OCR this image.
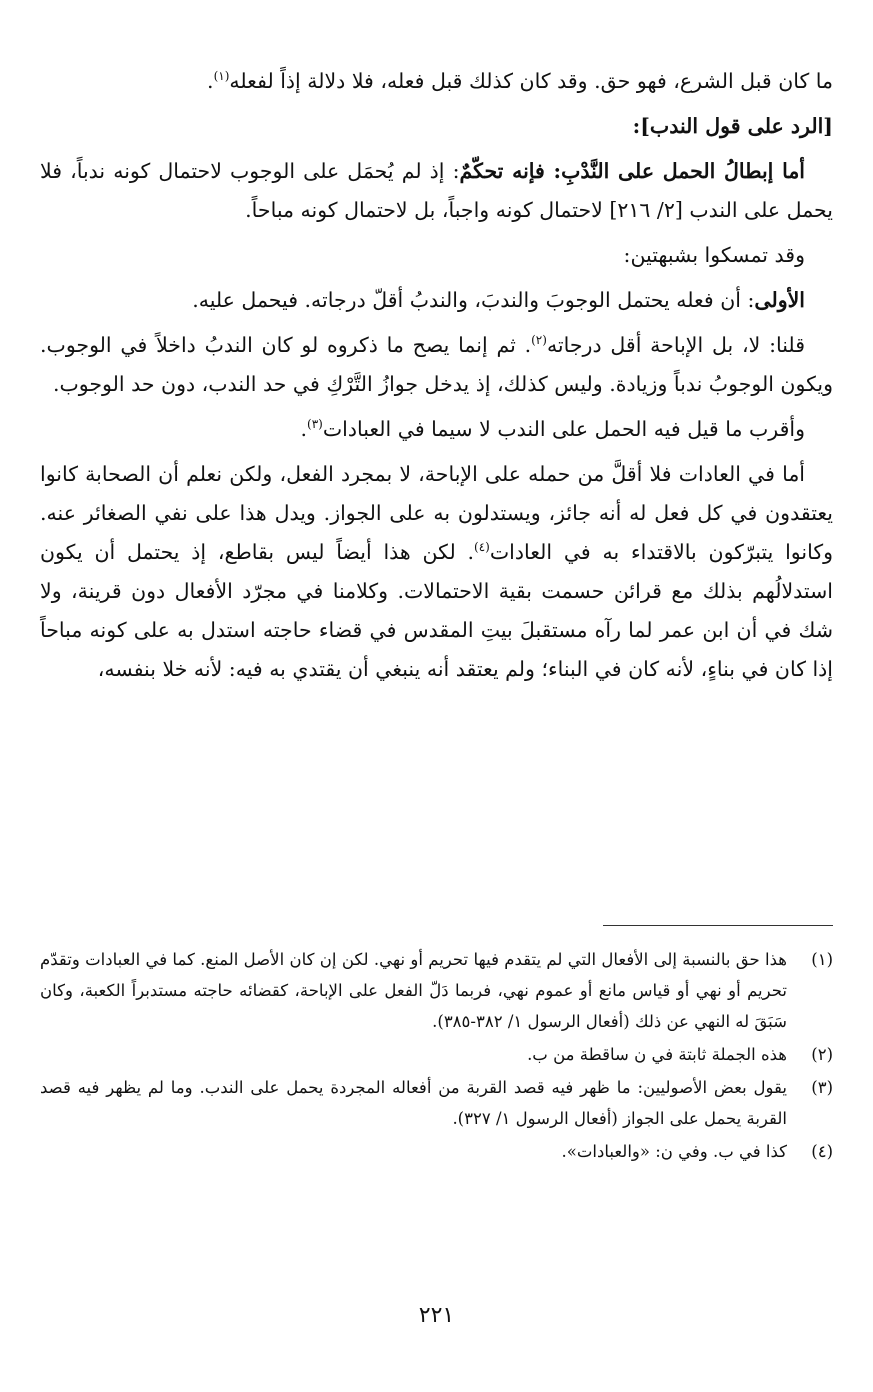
ما كان قبل الشرع، فهو حق. وقد كان كذلك قبل فعله، فلا دلالة إذاً لفعله$^{(١)}$.

[الرد على قول الندب]:

أما إبطالُ الحمل على النَّدْبِ: فإنه تحكّمٌ: إذ لم يُحمَل على الوجوب لاحتمال كونه ندباً، فلا يحمل على الندب [٢/ ٢١٦] لاحتمال كونه واجباً، بل لاحتمال كونه مباحاً.

وقد تمسكوا بشبهتين:

الأولى: أن فعله يحتمل الوجوبَ والندبَ، والندبُ أقلّ درجاته. فيحمل عليه.

قلنا: لا، بل الإباحة أقل درجاته$^{(٢)}$. ثم إنما يصح ما ذكروه لو كان الندبُ داخلاً في الوجوب. ويكون الوجوبُ ندباً وزيادة. وليس كذلك، إذ يدخل جوازُ التَّرْكِ في حد الندب، دون حد الوجوب.

وأقرب ما قيل فيه الحمل على الندب لا سيما في العبادات$^{(٣)}$.

أما في العادات فلا أقلَّ من حمله على الإباحة، لا بمجرد الفعل، ولكن نعلم أن الصحابة كانوا يعتقدون في كل فعل له أنه جائز، ويستدلون به على الجواز. ويدل هذا على نفي الصغائر عنه. وكانوا يتبرّكون بالاقتداء به في العادات$^{(٤)}$. لكن هذا أيضاً ليس بقاطع، إذ يحتمل أن يكون استدلالُهم بذلك مع قرائن حسمت بقية الاحتمالات. وكلامنا في مجرّد الأفعال دون قرينة، ولا شك في أن ابن عمر لما رآه مستقبلَ بيتِ المقدس في قضاء حاجته استدل به على كونه مباحاً إذا كان في بناءٍ، لأنه كان في البناء؛ ولم يعتقد أنه ينبغي أن يقتدي به فيه: لأنه خلا بنفسه،

(١)
هذا حق بالنسبة إلى الأفعال التي لم يتقدم فيها تحريم أو نهي. لكن إن كان الأصل المنع. كما في العبادات وتقدّم تحريم أو نهي أو قياس مانع أو عموم نهي، فربما دَلّ الفعل على الإباحة، كقضائه حاجته مستدبراً الكعبة، وكان سَبَقَ له النهي عن ذلك (أفعال الرسول ١/ ٣٨٢-٣٨٥).
(٢)
هذه الجملة ثابتة في ن ساقطة من ب.
(٣)
يقول بعض الأصوليين: ما ظهر فيه قصد القربة من أفعاله المجردة يحمل على الندب. وما لم يظهر فيه قصد القربة يحمل على الجواز (أفعال الرسول ١/ ٣٢٧).
(٤)
كذا في ب. وفي ن: «والعبادات».
٢٢١
